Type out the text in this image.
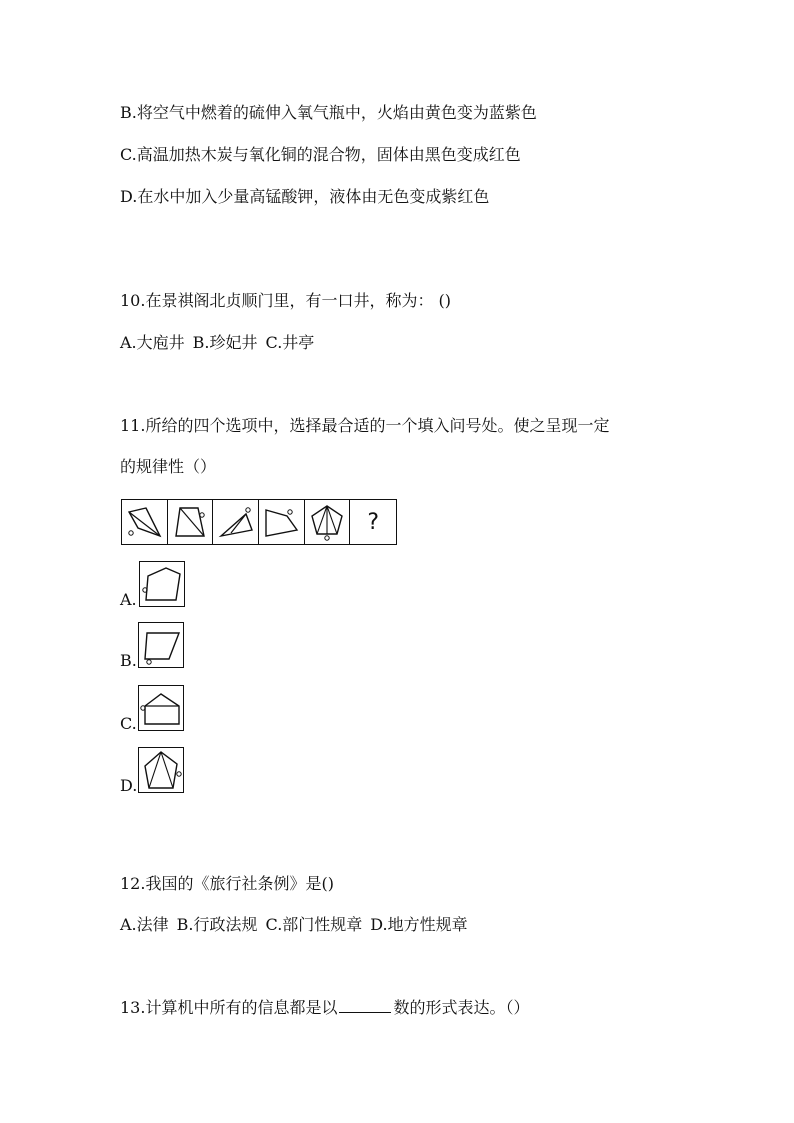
B.将空气中燃着的硫伸入氧气瓶中，火焰由黄色变为蓝紫色
C.高温加热木炭与氧化铜的混合物，固体由黑色变成红色
D.在水中加入少量高锰酸钾，液体由无色变成紫红色
10.在景祺阁北贞顺门里，有一口井，称为： ()
A.大庖井 B.珍妃井 C.井亭
11.所给的四个选项中，选择最合适的一个填入问号处。使之呈现一定
的规律性（）
?
A.
B.
C.
D.
12.我国的《旅行社条例》是()
A.法律 B.行政法规 C.部门性规章 D.地方性规章
13.计算机中所有的信息都是以	数的形式表达。（）
